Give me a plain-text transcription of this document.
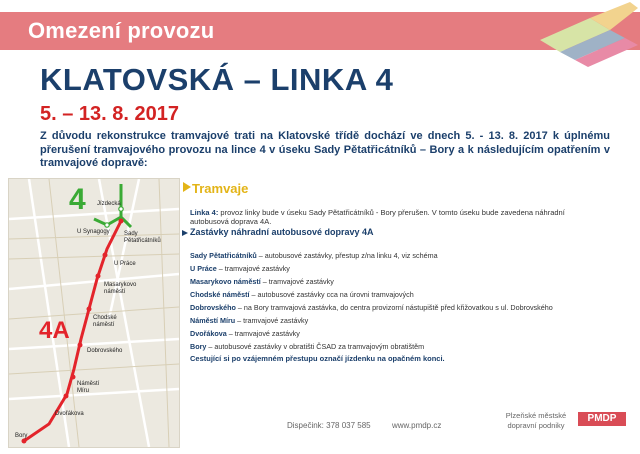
Omezení provozu
KLATOVSKÁ – LINKA 4
5. – 13. 8. 2017
Z důvodu rekonstrukce tramvajové trati na Klatovské třídě dochází ve dnech 5. - 13. 8. 2017 k úplnému přerušení tramvajového provozu na lince 4 v úseku Sady Pětatřicátníků – Bory a k následujícím opatřením v tramvajové dopravě:
4
4A
Jízdecká
U Synagogy Sady
Pětatřicátníků
U Práce
Masarykovo
náměstí
Chodské
náměstí
Dobrovského
Náměstí
Míru
Dvořákova
Bory
Tramvaje
Linka 4: provoz linky bude v úseku Sady Pětatřicátníků - Bory přerušen. V tomto úseku bude zavedena náhradní autobusová doprava 4A.
Zastávky náhradní autobusové dopravy 4A
Sady Pětatřicátníků – autobusové zastávky, přestup z/na linku 4, viz schéma
U Práce – tramvajové zastávky
Masarykovo náměstí – tramvajové zastávky
Chodské náměstí – autobusové zastávky cca na úrovni tramvajových
Dobrovského – na Bory tramvajová zastávka, do centra provizorní nástupiště před křižovatkou s ul. Dobrovského
Náměstí Míru – tramvajové zastávky
Dvořákova – tramvajové zastávky
Bory – autobusové zastávky v obratišti ČSAD za tramvajovým obratištěm
Cestující si po vzájemném přestupu označí jízdenku na opačném konci.
Dispečink: 378 037 585	www.pmdp.cz
Plzeňské městské dopravní podniky
PMDP
